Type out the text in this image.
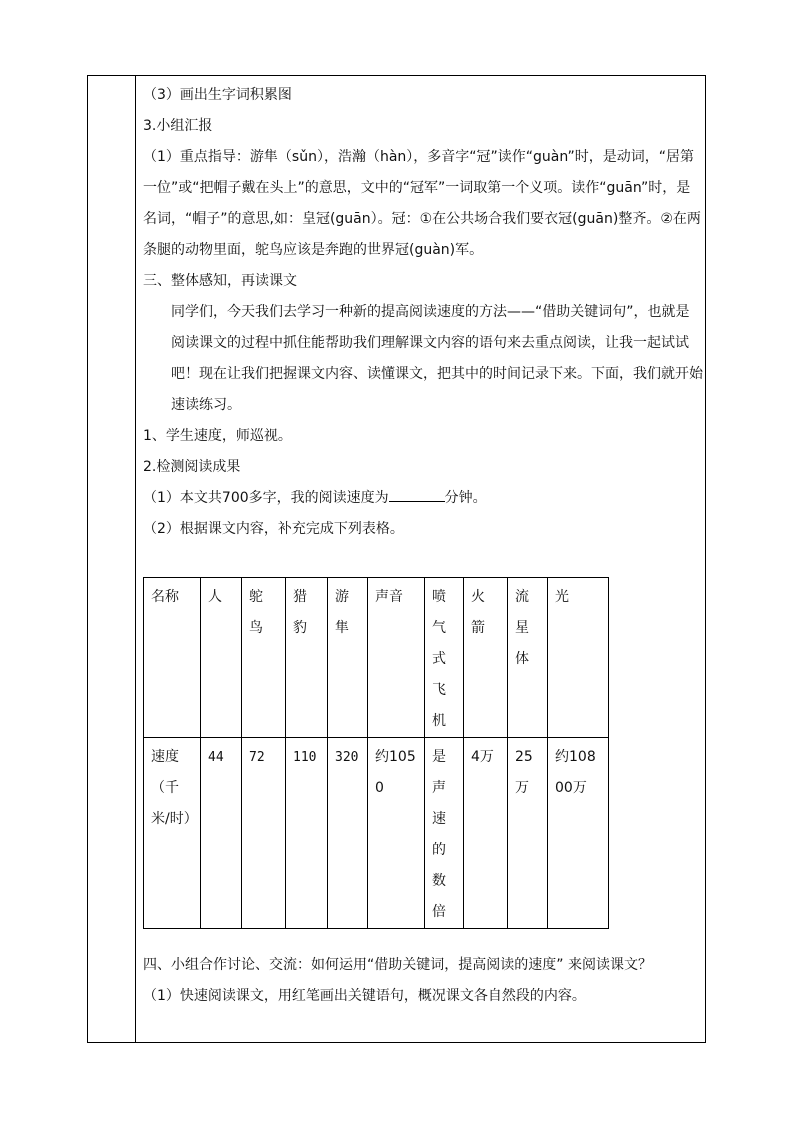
（3）画出生字词积累图
3.小组汇报
（1）重点指导：游隼（sǔn），浩瀚（hàn），多音字“冠”读作“guàn”时，是动词，“居第一位”或“把帽子戴在头上”的意思，文中的“冠军”一词取第一个义项。读作“guān”时，是名词，“帽子”的意思,如：皇冠(guān）。冠：①在公共场合我们要衣冠(guān)整齐。②在两条腿的动物里面，鸵鸟应该是奔跑的世界冠(guàn)军。
三、整体感知，再读课文
同学们，今天我们去学习一种新的提高阅读速度的方法——“借助关键词句”，也就是阅读课文的过程中抓住能帮助我们理解课文内容的语句来去重点阅读，让我一起试试吧！现在让我们把握课文内容、读懂课文，把其中的时间记录下来。下面，我们就开始速读练习。
1、学生速度，师巡视。
2.检测阅读成果
（1）本文共700多字，我的阅读速度为	分钟。
（2）根据课文内容，补充完成下列表格。
名称	人	鸵鸟	猎豹	游隼	声音	喷气式飞机	火箭	流星体	光

速度（千米/时）	44	72	110	320	约1050	是声速的数倍	4万	25万	约10800万
四、小组合作讨论、交流：如何运用“借助关键词，提高阅读的速度” 来阅读课文？
（1）快速阅读课文，用红笔画出关键语句，概况课文各自然段的内容。
